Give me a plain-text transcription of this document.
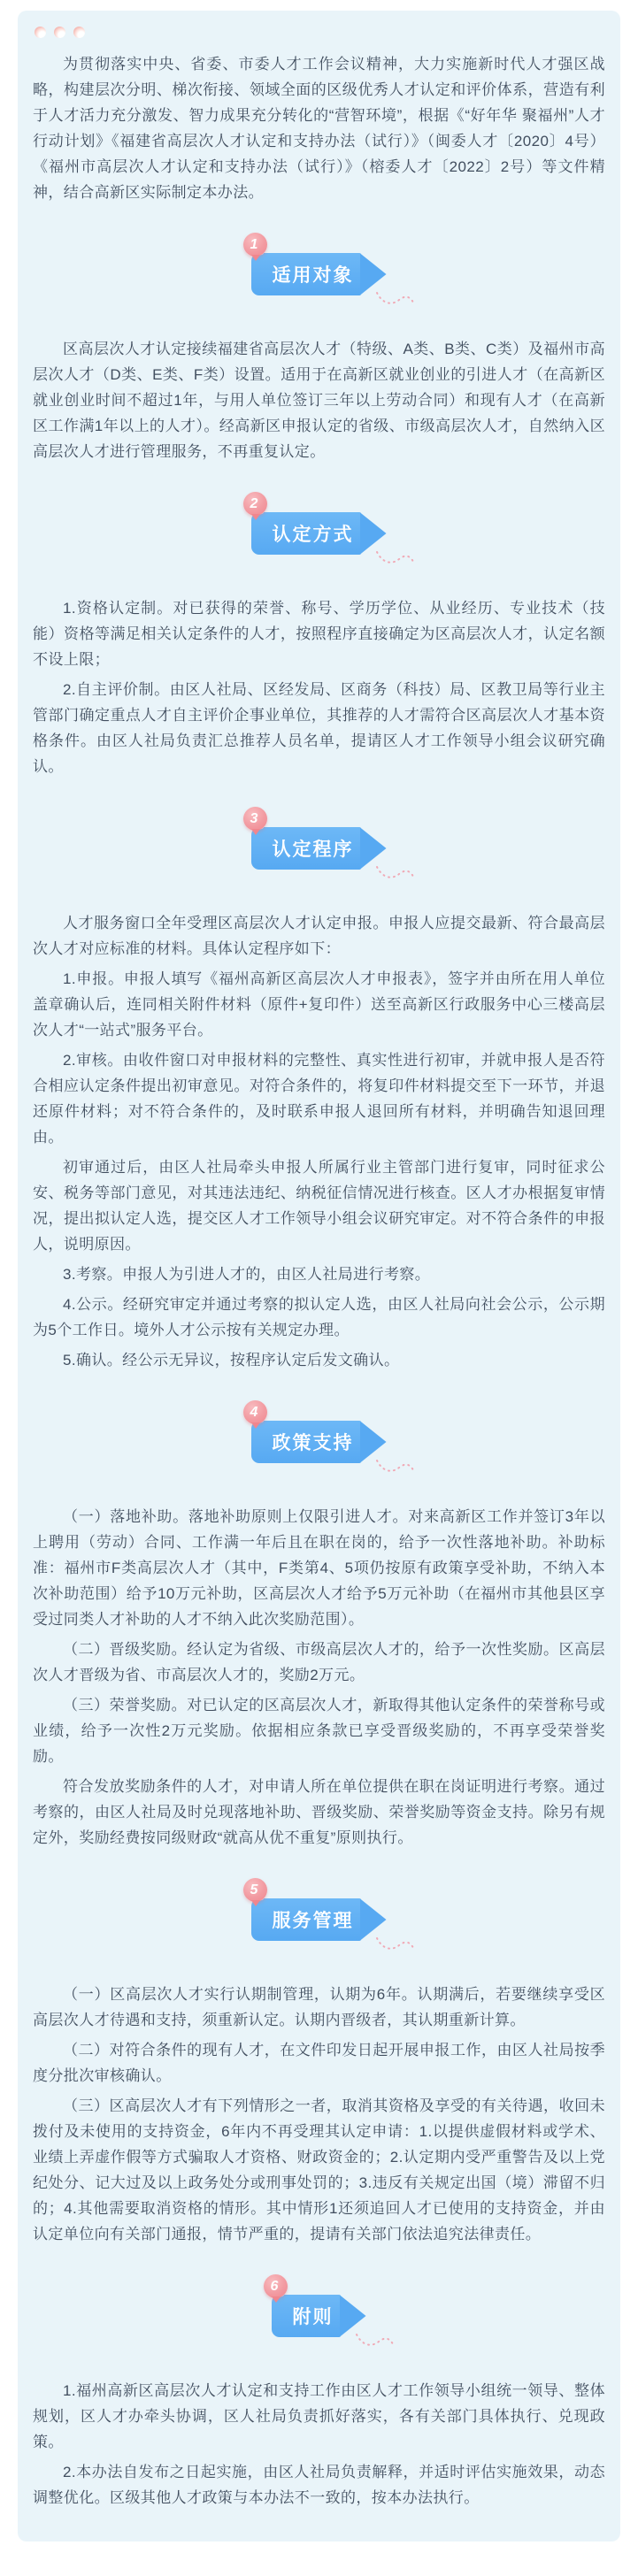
为贯彻落实中央、省委、市委人才工作会议精神，大力实施新时代人才强区战略，构建层次分明、梯次衔接、领域全面的区级优秀人才认定和评价体系，营造有利于人才活力充分激发、智力成果充分转化的“营智环境”，根据《“好年华 聚福州”人才行动计划》《福建省高层次人才认定和支持办法（试行）》（闽委人才〔2020〕4号）《福州市高层次人才认定和支持办法（试行）》（榕委人才〔2022〕2号）等文件精神，结合高新区实际制定本办法。

1
适用对象

区高层次人才认定接续福建省高层次人才（特级、A类、B类、C类）及福州市高层次人才（D类、E类、F类）设置。适用于在高新区就业创业的引进人才（在高新区就业创业时间不超过1年，与用人单位签订三年以上劳动合同）和现有人才（在高新区工作满1年以上的人才）。经高新区申报认定的省级、市级高层次人才，自然纳入区高层次人才进行管理服务，不再重复认定。

2
认定方式

1.资格认定制。对已获得的荣誉、称号、学历学位、从业经历、专业技术（技能）资格等满足相关认定条件的人才，按照程序直接确定为区高层次人才，认定名额不设上限；

2.自主评价制。由区人社局、区经发局、区商务（科技）局、区教卫局等行业主管部门确定重点人才自主评价企事业单位，其推荐的人才需符合区高层次人才基本资格条件。由区人社局负责汇总推荐人员名单，提请区人才工作领导小组会议研究确认。

3
认定程序

人才服务窗口全年受理区高层次人才认定申报。申报人应提交最新、符合最高层次人才对应标准的材料。具体认定程序如下：

1.申报。申报人填写《福州高新区高层次人才申报表》，签字并由所在用人单位盖章确认后，连同相关附件材料（原件+复印件）送至高新区行政服务中心三楼高层次人才“一站式”服务平台。

2.审核。由收件窗口对申报材料的完整性、真实性进行初审，并就申报人是否符合相应认定条件提出初审意见。对符合条件的，将复印件材料提交至下一环节，并退还原件材料；对不符合条件的，及时联系申报人退回所有材料，并明确告知退回理由。

初审通过后，由区人社局牵头申报人所属行业主管部门进行复审，同时征求公安、税务等部门意见，对其违法违纪、纳税征信情况进行核查。区人才办根据复审情况，提出拟认定人选，提交区人才工作领导小组会议研究审定。对不符合条件的申报人，说明原因。

3.考察。申报人为引进人才的，由区人社局进行考察。

4.公示。经研究审定并通过考察的拟认定人选，由区人社局向社会公示，公示期为5个工作日。境外人才公示按有关规定办理。

5.确认。经公示无异议，按程序认定后发文确认。

4
政策支持

（一）落地补助。落地补助原则上仅限引进人才。对来高新区工作并签订3年以上聘用（劳动）合同、工作满一年后且在职在岗的，给予一次性落地补助。补助标准：福州市F类高层次人才（其中，F类第4、5项仍按原有政策享受补助，不纳入本次补助范围）给予10万元补助，区高层次人才给予5万元补助（在福州市其他县区享受过同类人才补助的人才不纳入此次奖励范围）。

（二）晋级奖励。经认定为省级、市级高层次人才的，给予一次性奖励。区高层次人才晋级为省、市高层次人才的，奖励2万元。

（三）荣誉奖励。对已认定的区高层次人才，新取得其他认定条件的荣誉称号或业绩，给予一次性2万元奖励。依据相应条款已享受晋级奖励的，不再享受荣誉奖励。

符合发放奖励条件的人才，对申请人所在单位提供在职在岗证明进行考察。通过考察的，由区人社局及时兑现落地补助、晋级奖励、荣誉奖励等资金支持。除另有规定外，奖励经费按同级财政“就高从优不重复”原则执行。

5
服务管理

（一）区高层次人才实行认期制管理，认期为6年。认期满后，若要继续享受区高层次人才待遇和支持，须重新认定。认期内晋级者，其认期重新计算。

（二）对符合条件的现有人才，在文件印发日起开展申报工作，由区人社局按季度分批次审核确认。

（三）区高层次人才有下列情形之一者，取消其资格及享受的有关待遇，收回未拨付及未使用的支持资金，6年内不再受理其认定申请：1.以提供虚假材料或学术、业绩上弄虚作假等方式骗取人才资格、财政资金的；2.认定期内受严重警告及以上党纪处分、记大过及以上政务处分或刑事处罚的；3.违反有关规定出国（境）滞留不归的；4.其他需要取消资格的情形。其中情形1还须追回人才已使用的支持资金，并由认定单位向有关部门通报，情节严重的，提请有关部门依法追究法律责任。

6
附则

1.福州高新区高层次人才认定和支持工作由区人才工作领导小组统一领导、整体规划，区人才办牵头协调，区人社局负责抓好落实，各有关部门具体执行、兑现政策。

2.本办法自发布之日起实施，由区人社局负责解释，并适时评估实施效果，动态调整优化。区级其他人才政策与本办法不一致的，按本办法执行。
